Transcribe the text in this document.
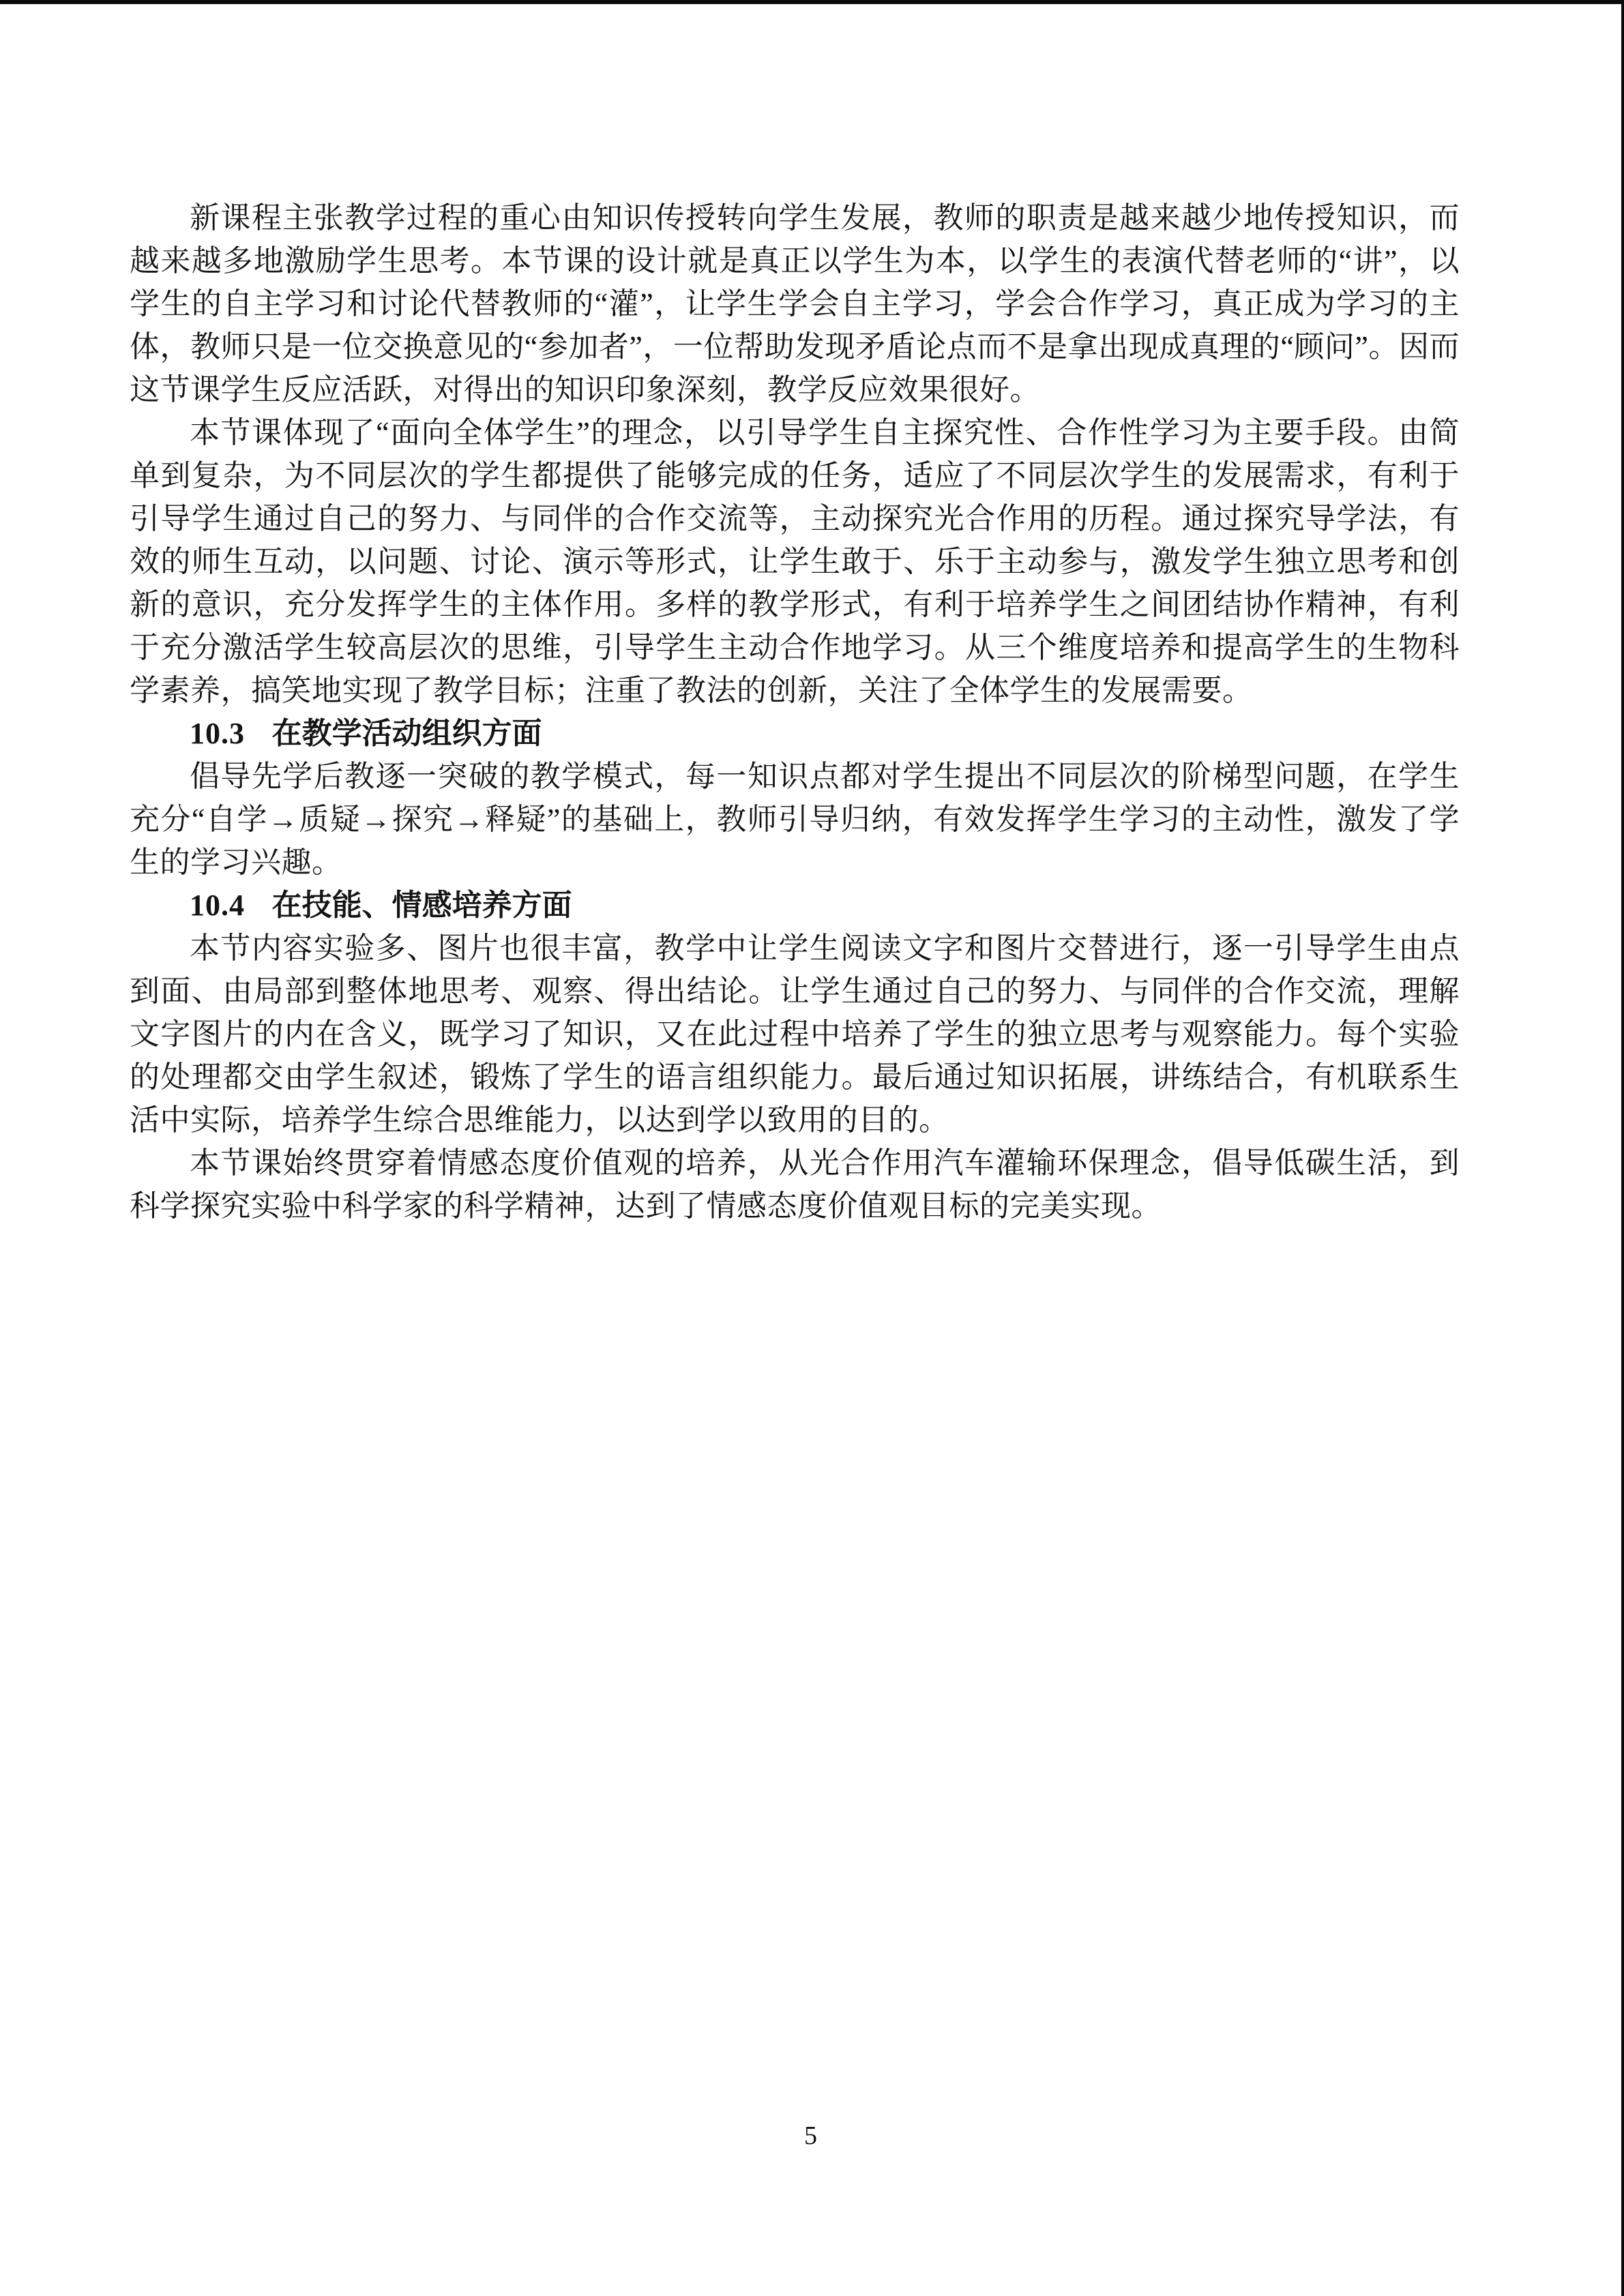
新课程主张教学过程的重心由知识传授转向学生发展，教师的职责是越来越少地传授知识，而越来越多地激励学生思考。本节课的设计就是真正以学生为本，以学生的表演代替老师的“讲”，以学生的自主学习和讨论代替教师的“灌”，让学生学会自主学习，学会合作学习，真正成为学习的主体，教师只是一位交换意见的“参加者”，一位帮助发现矛盾论点而不是拿出现成真理的“顾问”。因而这节课学生反应活跃，对得出的知识印象深刻，教学反应效果很好。

本节课体现了“面向全体学生”的理念，以引导学生自主探究性、合作性学习为主要手段。由简单到复杂，为不同层次的学生都提供了能够完成的任务，适应了不同层次学生的发展需求，有利于引导学生通过自己的努力、与同伴的合作交流等，主动探究光合作用的历程。通过探究导学法，有效的师生互动，以问题、讨论、演示等形式，让学生敢于、乐于主动参与，激发学生独立思考和创新的意识，充分发挥学生的主体作用。多样的教学形式，有利于培养学生之间团结协作精神，有利于充分激活学生较高层次的思维，引导学生主动合作地学习。从三个维度培养和提高学生的生物科学素养，搞笑地实现了教学目标；注重了教法的创新，关注了全体学生的发展需要。

10.3 在教学活动组织方面

倡导先学后教逐一突破的教学模式，每一知识点都对学生提出不同层次的阶梯型问题，在学生充分“自学→质疑→探究→释疑”的基础上，教师引导归纳，有效发挥学生学习的主动性，激发了学生的学习兴趣。

10.4 在技能、情感培养方面

本节内容实验多、图片也很丰富，教学中让学生阅读文字和图片交替进行，逐一引导学生由点到面、由局部到整体地思考、观察、得出结论。让学生通过自己的努力、与同伴的合作交流，理解文字图片的内在含义，既学习了知识，又在此过程中培养了学生的独立思考与观察能力。每个实验的处理都交由学生叙述，锻炼了学生的语言组织能力。最后通过知识拓展，讲练结合，有机联系生活中实际，培养学生综合思维能力，以达到学以致用的目的。

本节课始终贯穿着情感态度价值观的培养，从光合作用汽车灌输环保理念，倡导低碳生活，到科学探究实验中科学家的科学精神，达到了情感态度价值观目标的完美实现。

5
